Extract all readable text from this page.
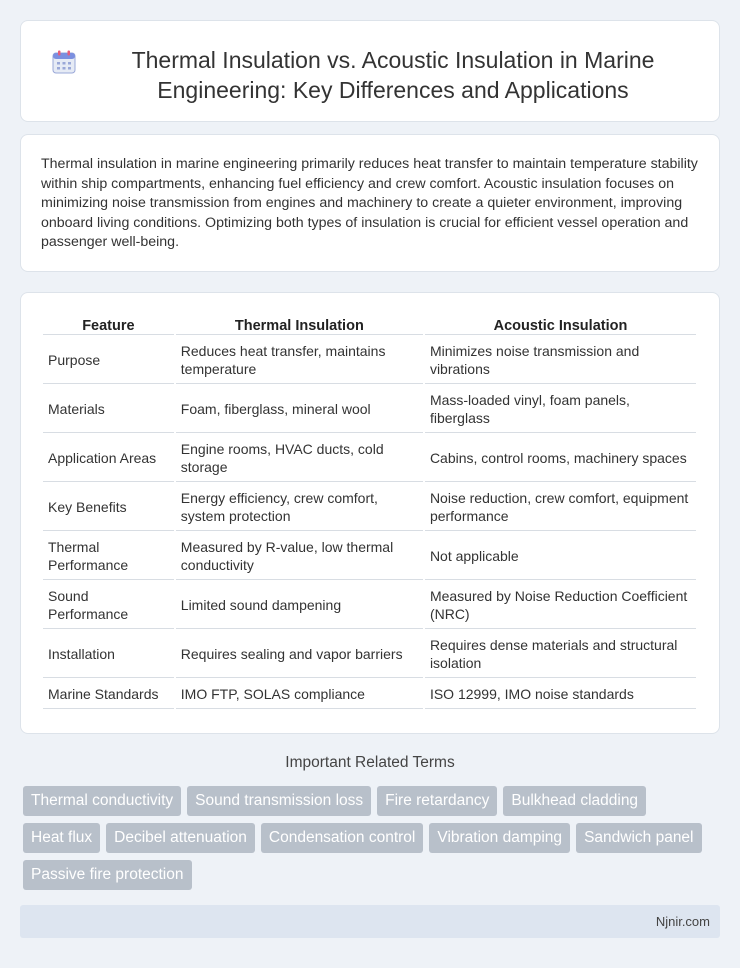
Thermal Insulation vs. Acoustic Insulation in Marine Engineering: Key Differences and Applications

Thermal insulation in marine engineering primarily reduces heat transfer to maintain temperature stability within ship compartments, enhancing fuel efficiency and crew comfort. Acoustic insulation focuses on minimizing noise transmission from engines and machinery to create a quieter environment, improving onboard living conditions. Optimizing both types of insulation is crucial for efficient vessel operation and passenger well-being.

Feature	Thermal Insulation	Acoustic Insulation
Purpose	Reduces heat transfer, maintains temperature	Minimizes noise transmission and vibrations
Materials	Foam, fiberglass, mineral wool	Mass-loaded vinyl, foam panels, fiberglass
Application Areas	Engine rooms, HVAC ducts, cold storage	Cabins, control rooms, machinery spaces
Key Benefits	Energy efficiency, crew comfort, system protection	Noise reduction, crew comfort, equipment performance
Thermal Performance	Measured by R-value, low thermal conductivity	Not applicable
Sound Performance	Limited sound dampening	Measured by Noise Reduction Coefficient (NRC)
Installation	Requires sealing and vapor barriers	Requires dense materials and structural isolation
Marine Standards	IMO FTP, SOLAS compliance	ISO 12999, IMO noise standards
Important Related Terms
Thermal conductivity	Sound transmission loss	Fire retardancy	Bulkhead cladding
Heat flux	Decibel attenuation	Condensation control	Vibration damping	Sandwich panel
Passive fire protection
Njnir.com
